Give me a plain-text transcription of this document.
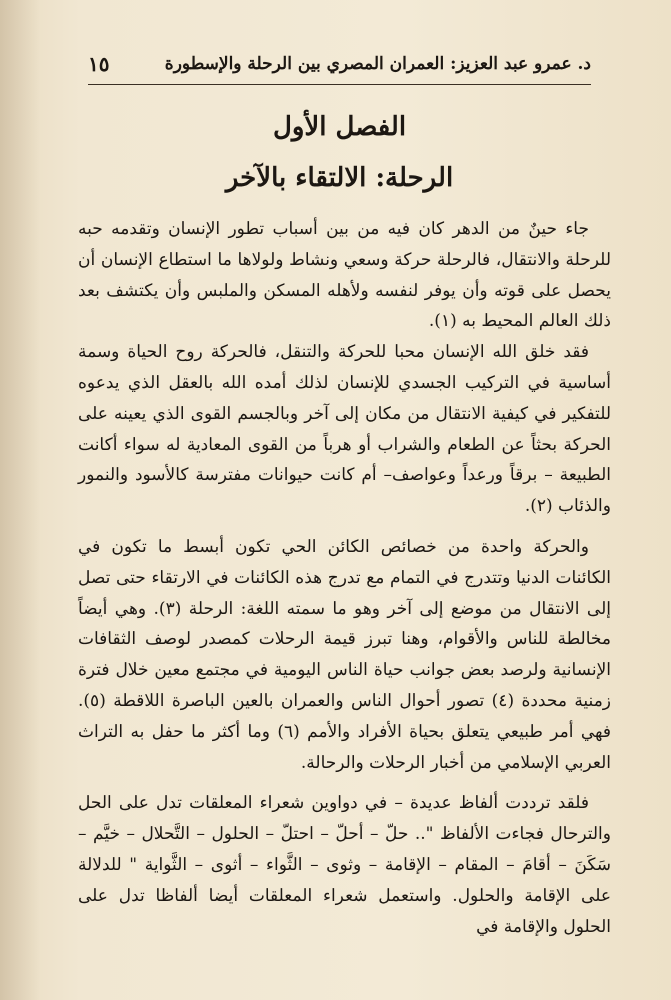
د. عمرو عبد العزيز: العمران المصري بين الرحلة والإسطورة
١٥
الفصل الأول
الرحلة: الالتقاء بالآخر

جاء حينٌ من الدهر كان فيه من بين أسباب تطور الإنسان وتقدمه حبه للرحلة والانتقال، فالرحلة حركة وسعي ونشاط ولولاها ما استطاع الإنسان أن يحصل على قوته وأن يوفر لنفسه ولأهله المسكن والملبس وأن يكتشف بعد ذلك العالم المحيط به (١).

فقد خلق الله الإنسان محبا للحركة والتنقل، فالحركة روح الحياة وسمة أساسية في التركيب الجسدي للإنسان لذلك أمده الله بالعقل الذي يدعوه للتفكير في كيفية الانتقال من مكان إلى آخر وبالجسم القوى الذي يعينه على الحركة بحثاً عن الطعام والشراب أو هرباً من القوى المعادية له سواء أكانت الطبيعة – برقاً ورعداً وعواصف– أم كانت حيوانات مفترسة كالأسود والنمور والذئاب (٢).

والحركة واحدة من خصائص الكائن الحي تكون أبسط ما تكون في الكائنات الدنيا وتتدرج في التمام مع تدرج هذه الكائنات في الارتقاء حتى تصل إلى الانتقال من موضع إلى آخر وهو ما سمته اللغة: الرحلة (٣). وهي أيضاً مخالطة للناس والأقوام، وهنا تبرز قيمة الرحلات كمصدر لوصف الثقافات الإنسانية ولرصد بعض جوانب حياة الناس اليومية في مجتمع معين خلال فترة زمنية محددة (٤) تصور أحوال الناس والعمران بالعين الباصرة اللاقطة (٥). فهي أمر طبيعي يتعلق بحياة الأفراد والأمم (٦) وما أكثر ما حفل به التراث العربي الإسلامي من أخبار الرحلات والرحالة.

فلقد ترددت ألفاظ عديدة – في دواوين شعراء المعلقات تدل على الحل والترحال فجاءت الألفاظ ".. حلّ – أحلّ – احتلّ – الحلول – التَّحلال – خيَّم – سَكَنَ – أقامَ – المقام – الإقامة – وثوى – الثَّواء – أثوى – الثَّواية " للدلالة على الإقامة والحلول. واستعمل شعراء المعلقات أيضا ألفاظا تدل على الحلول والإقامة في
